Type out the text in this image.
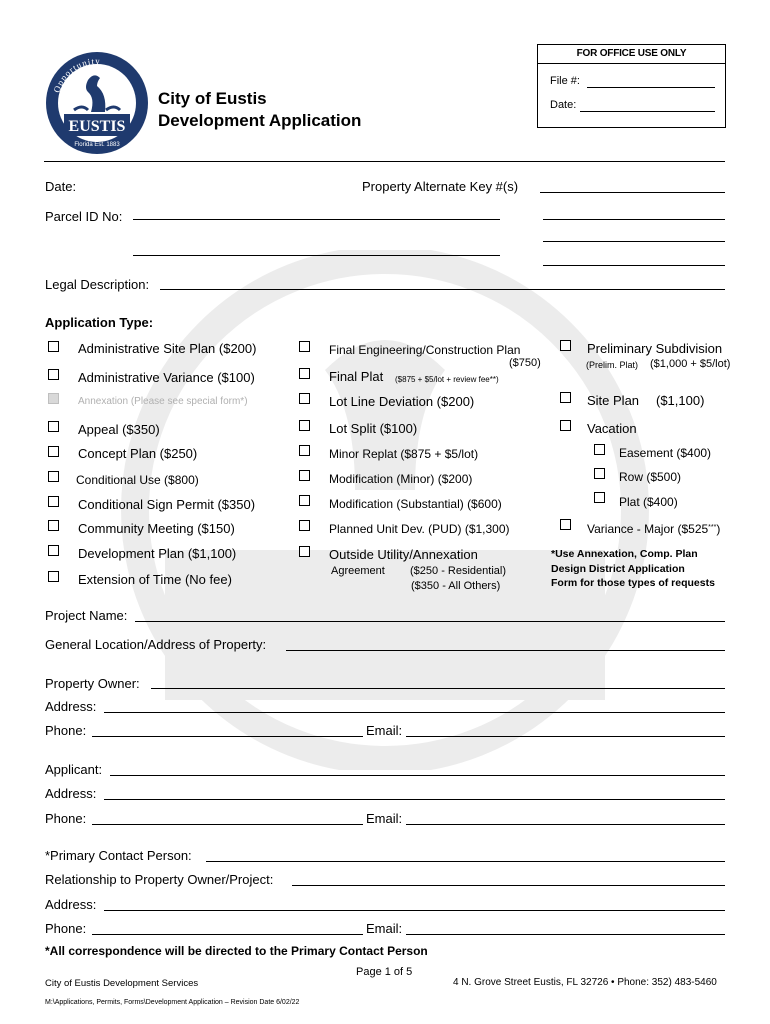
Opportunity
EUSTIS
Florida Est. 1883
City of Eustis
Development Application
FOR OFFICE USE ONLY
File #:
Date:
Date:	Property Alternate Key #(s)
Parcel ID No:
Legal Description:
Application Type:
Administrative Site Plan ($200)
Administrative Variance ($100)
Annexation (Please see special form*)
Appeal ($350)
Concept Plan ($250)
Conditional Use ($800)
Conditional Sign Permit ($350)
Community Meeting ($150)
Development Plan ($1,100)
Extension of Time (No fee)
Final Engineering/Construction Plan
($750)
Final Plat ($875 + $5/lot + review fee**)
Lot Line Deviation ($200)
Lot Split ($100)
Minor Replat ($875 + $5/lot)
Modification (Minor) ($200)
Modification (Substantial) ($600)
Planned Unit Dev. (PUD) ($1,300)
Outside Utility/Annexation
Agreement ($250 - Residential)
($350 - All Others)
Preliminary Subdivision
(Prelim. Plat) ($1,000 + $5/lot)
Site Plan ($1,100)
Vacation
Easement ($400)
Row ($500)
Plat ($400)
Variance - Major ($525***)
*Use Annexation, Comp. Plan
Design District Application
Form for those types of requests
Project Name:
General Location/Address of Property:
Property Owner:
Address:
Phone:	Email:
Applicant:
Address:
Phone:	Email:
*Primary Contact Person:
Relationship to Property Owner/Project:
Address:
Phone:	Email:
*All correspondence will be directed to the Primary Contact Person
Page 1 of 5
City of Eustis Development Services	4 N. Grove Street Eustis, FL 32726 • Phone: 352) 483-5460
M:\Applications, Permits, Forms\Development Application – Revision Date 6/02/22
